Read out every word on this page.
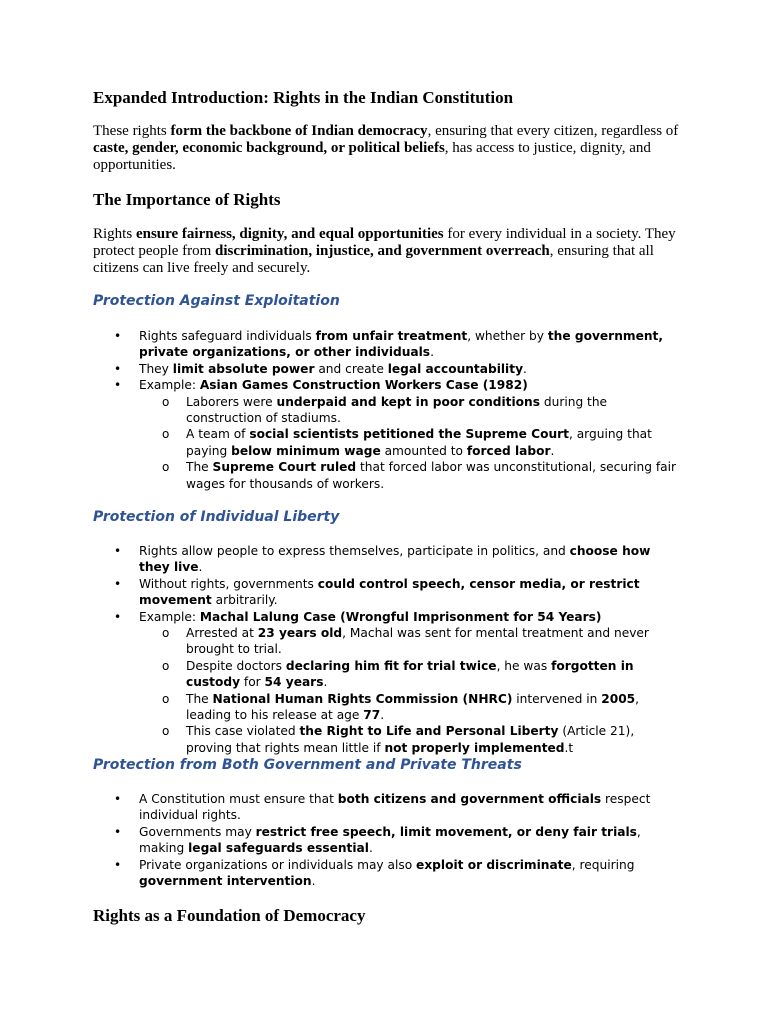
Expanded Introduction: Rights in the Indian Constitution

These rights form the backbone of Indian democracy, ensuring that every citizen, regardless of caste, gender, economic background, or political beliefs, has access to justice, dignity, and opportunities.

The Importance of Rights

Rights ensure fairness, dignity, and equal opportunities for every individual in a society. They protect people from discrimination, injustice, and government overreach, ensuring that all citizens can live freely and securely.

Protection Against Exploitation
• Rights safeguard individuals from unfair treatment, whether by the government, private organizations, or other individuals.
• They limit absolute power and create legal accountability.
• Example: Asian Games Construction Workers Case (1982)
o Laborers were underpaid and kept in poor conditions during the construction of stadiums.
o A team of social scientists petitioned the Supreme Court, arguing that paying below minimum wage amounted to forced labor.
o The Supreme Court ruled that forced labor was unconstitutional, securing fair wages for thousands of workers.
Protection of Individual Liberty
• Rights allow people to express themselves, participate in politics, and choose how they live.
• Without rights, governments could control speech, censor media, or restrict movement arbitrarily.
• Example: Machal Lalung Case (Wrongful Imprisonment for 54 Years)
o Arrested at 23 years old, Machal was sent for mental treatment and never brought to trial.
o Despite doctors declaring him fit for trial twice, he was forgotten in custody for 54 years.
o The National Human Rights Commission (NHRC) intervened in 2005, leading to his release at age 77.
o This case violated the Right to Life and Personal Liberty (Article 21), proving that rights mean little if not properly implemented.t
Protection from Both Government and Private Threats
• A Constitution must ensure that both citizens and government officials respect individual rights.
• Governments may restrict free speech, limit movement, or deny fair trials, making legal safeguards essential.
• Private organizations or individuals may also exploit or discriminate, requiring government intervention.
Rights as a Foundation of Democracy
